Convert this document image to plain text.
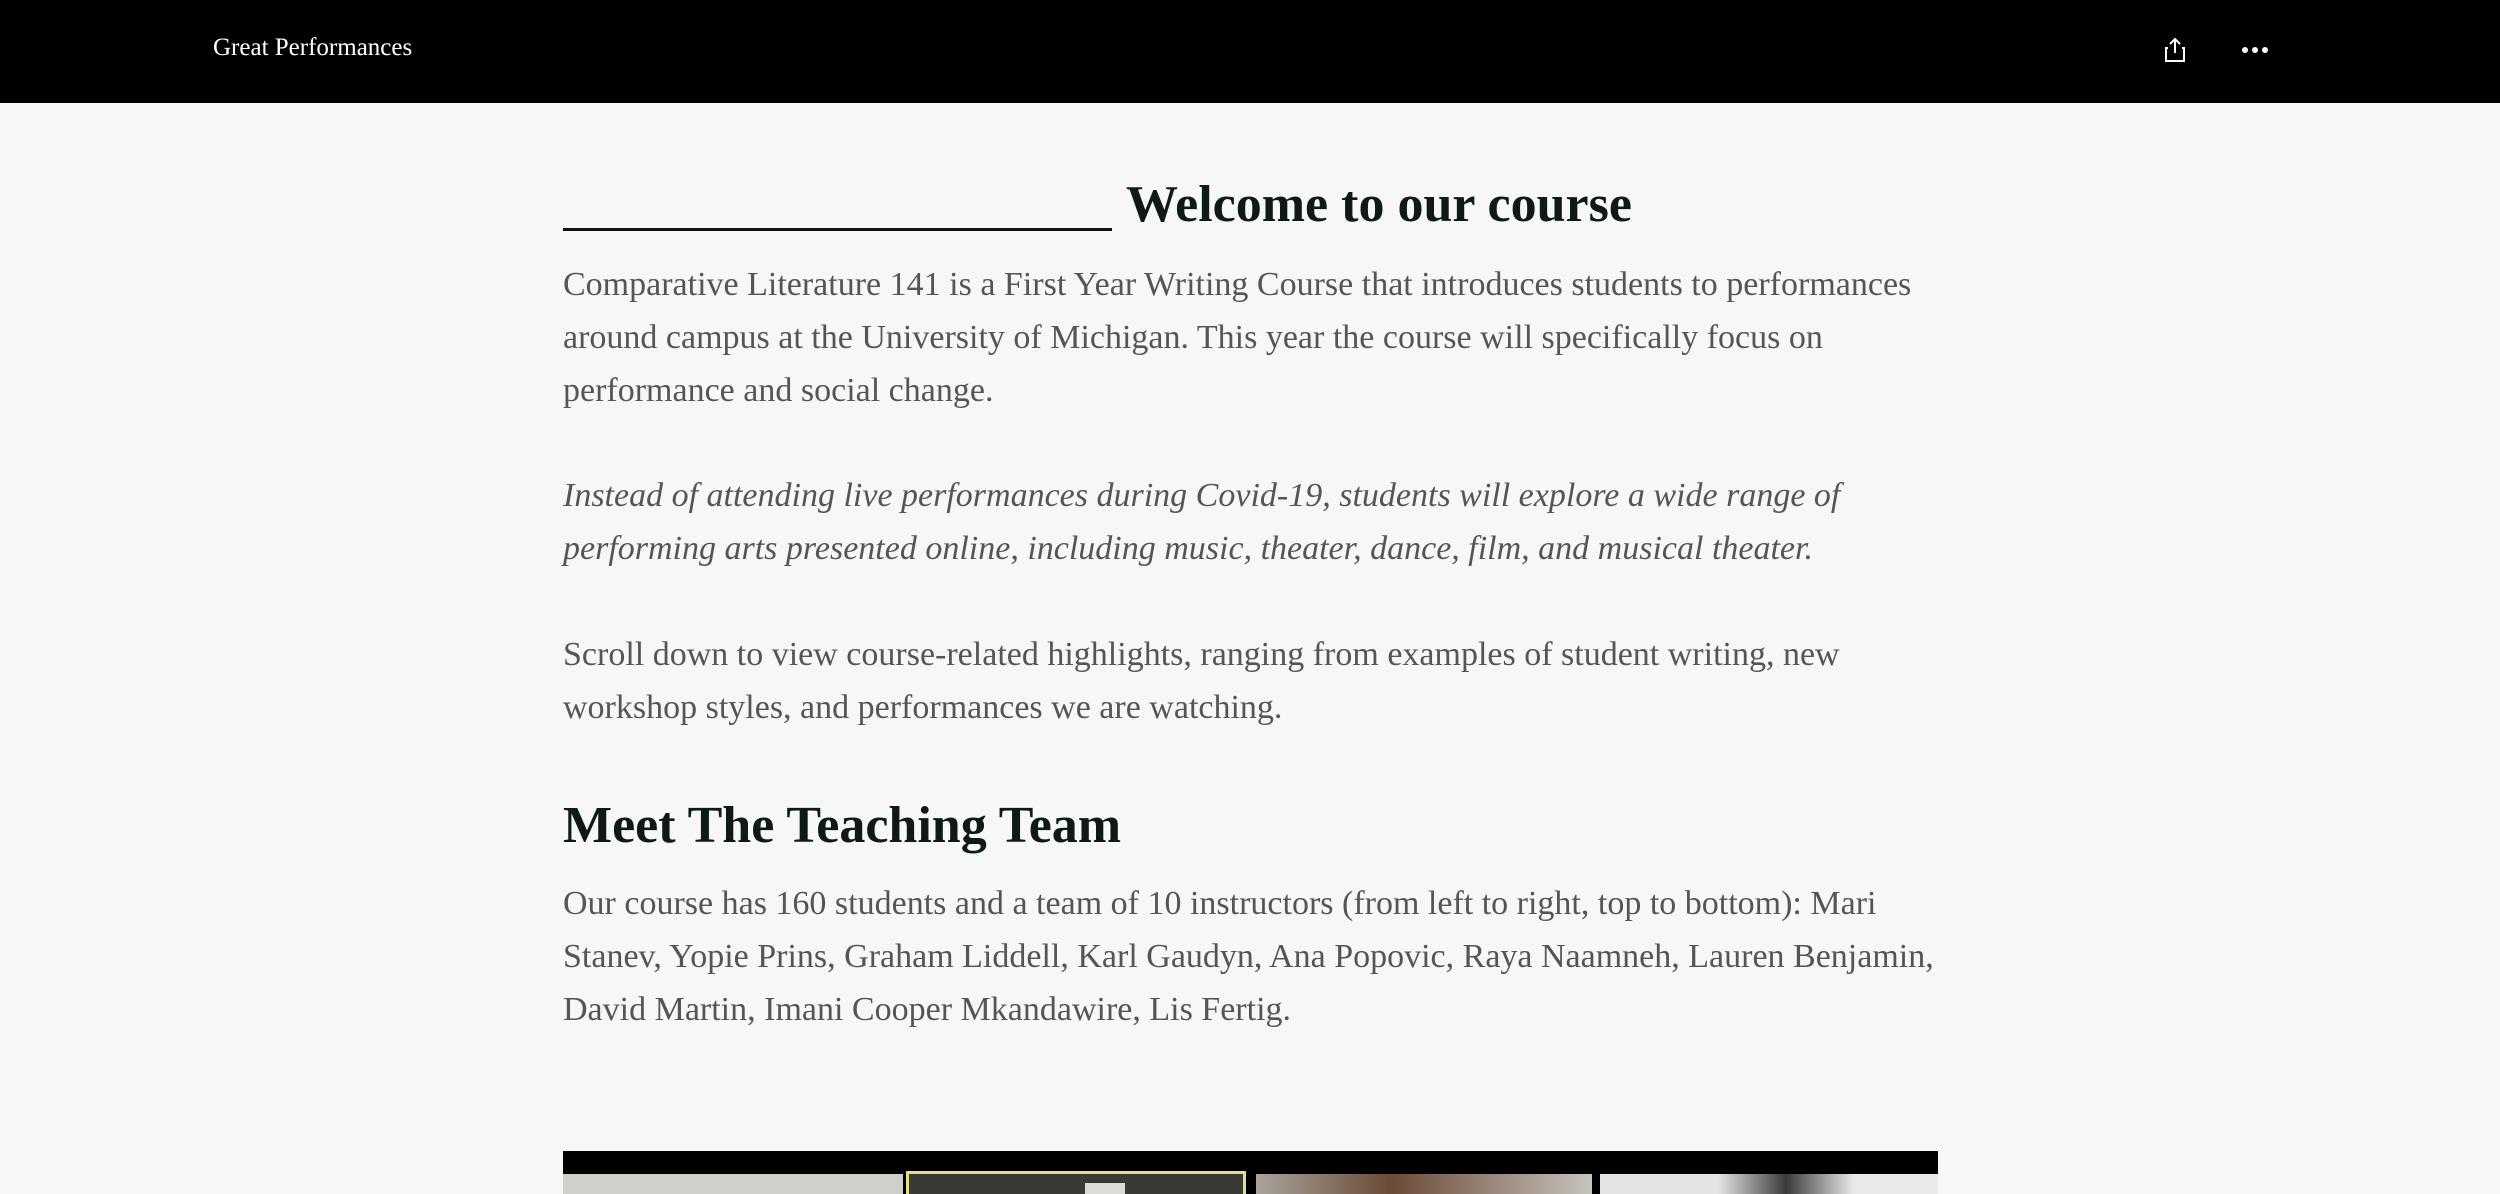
Great Performances
Welcome to our course

Comparative Literature 141 is a First Year Writing Course that introduces students to performances around campus at the University of Michigan. This year the course will specifically focus on performance and social change.

Instead of attending live performances during Covid-19, students will explore a wide range of performing arts presented online, including music, theater, dance, film, and musical theater.

Scroll down to view course-related highlights, ranging from examples of student writing, new workshop styles, and performances we are watching.

Meet The Teaching Team

Our course has 160 students and a team of 10 instructors (from left to right, top to bottom): Mari Stanev, Yopie Prins, Graham Liddell, Karl Gaudyn, Ana Popovic, Raya Naamneh, Lauren Benjamin, David Martin, Imani Cooper Mkandawire, Lis Fertig.
